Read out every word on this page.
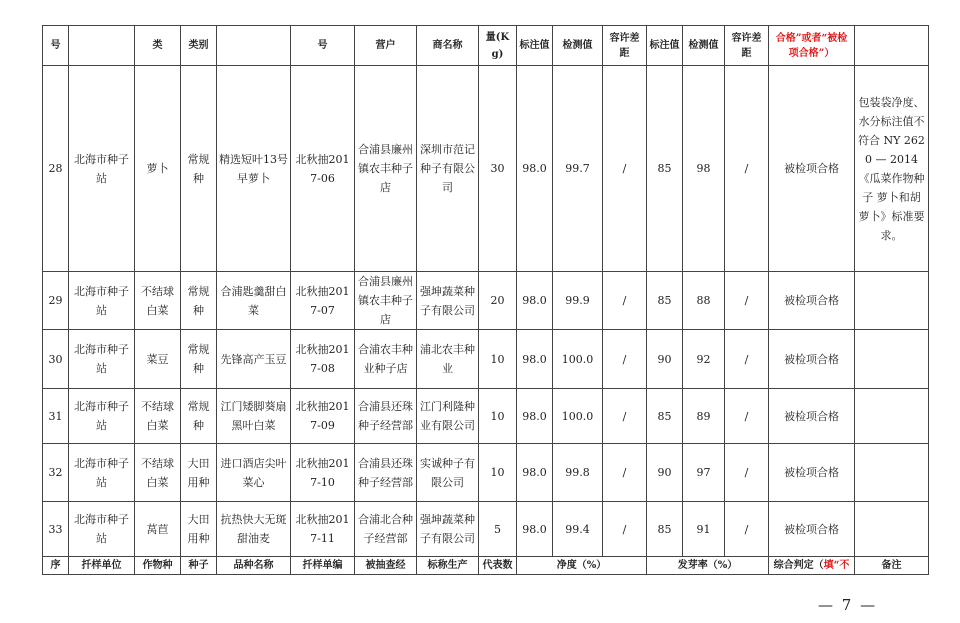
号		类	类别		号	营户	商名称	量(Kg)	标注值	检测值	容许差距	标注值	检测值	容许差距	合格”或者“被检项合格”）	
28	北海市种子站	萝卜	常规种	精选短叶13号早萝卜	北秋抽2017-06	合浦县廉州镇农丰种子店	深圳市范记种子有限公司	30	98.0	99.7	/	85	98	/	被检项合格	包装袋净度、水分标注值不符合 NY 2620 — 2014《瓜菜作物种子 萝卜和胡萝卜》标准要求。
29	北海市种子站	不结球白菜	常规种	合浦匙羹甜白菜	北秋抽2017-07	合浦县廉州镇农丰种子店	强坤蔬菜种子有限公司	20	98.0	99.9	/	85	88	/	被检项合格	
30	北海市种子站	菜豆	常规种	先锋高产玉豆	北秋抽2017-08	合浦农丰种业种子店	浦北农丰种业	10	98.0	100.0	/	90	92	/	被检项合格	
31	北海市种子站	不结球白菜	常规种	江门矮脚葵扇黑叶白菜	北秋抽2017-09	合浦县还珠种子经营部	江门利隆种业有限公司	10	98.0	100.0	/	85	89	/	被检项合格	
32	北海市种子站	不结球白菜	大田用种	进口酒店尖叶菜心	北秋抽2017-10	合浦县还珠种子经营部	实诚种子有限公司	10	98.0	99.8	/	90	97	/	被检项合格	
33	北海市种子站	莴苣	大田用种	抗热快大无斑甜油麦	北秋抽2017-11	合浦北合种子经营部	强坤蔬菜种子有限公司	5	98.0	99.4	/	85	91	/	被检项合格	
序	扦样单位	作物种	种子	品种名称	扦样单编	被抽查经	标称生产	代表数	净度（%）			发芽率（%）			综合判定（填“不	备注
— 7 —
